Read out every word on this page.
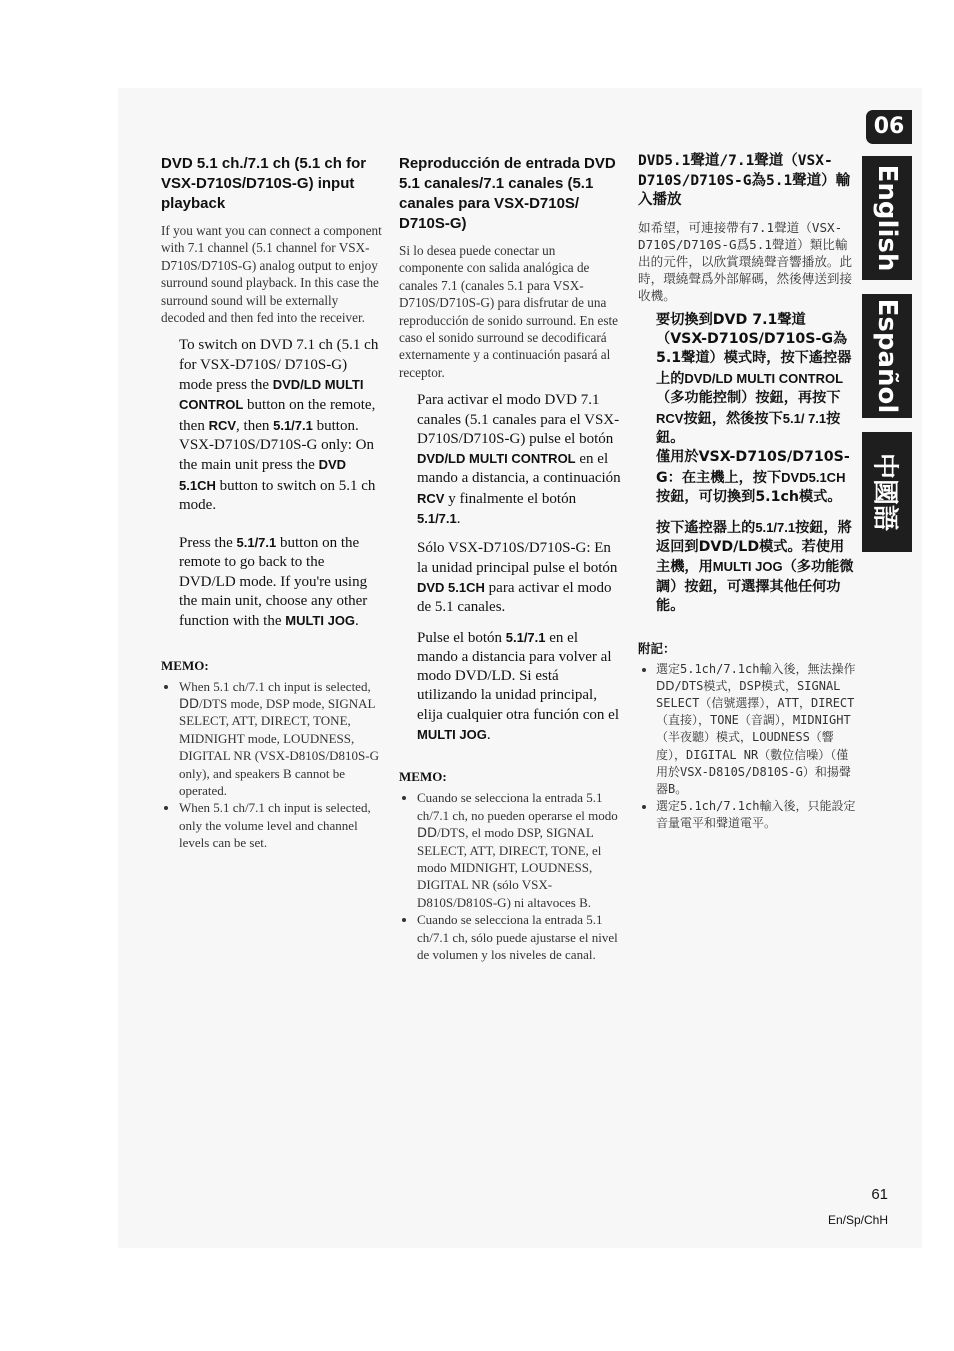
06
English
Español
中國語
DVD 5.1 ch./7.1 ch (5.1 ch for VSX-D710S/D710S-G) input playback

If you want you can connect a component with 7.1 channel (5.1 channel for VSX-D710S/D710S-G) analog output to enjoy surround sound playback. In this case the surround sound will be externally decoded and then fed into the receiver.

To switch on DVD 7.1 ch (5.1 ch for VSX-D710S/ D710S-G) mode press the DVD/LD MULTI CONTROL button on the remote, then RCV, then 5.1/7.1 button. VSX-D710S/D710S-G only: On the main unit press the DVD 5.1CH button to switch on 5.1 ch mode.

Press the 5.1/7.1 button on the remote to go back to the DVD/LD mode. If you're using the main unit, choose any other function with the MULTI JOG.

MEMO:
• When 5.1 ch/7.1 ch input is selected, ⅮⅮ/DTS mode, DSP mode, SIGNAL SELECT, ATT, DIRECT, TONE, MIDNIGHT mode, LOUDNESS, DIGITAL NR (VSX-D810S/D810S-G only), and speakers B cannot be operated.
• When 5.1 ch/7.1 ch input is selected, only the volume level and channel levels can be set.
Reproducción de entrada DVD 5.1 canales/7.1 canales (5.1 canales para VSX-D710S/ D710S-G)

Si lo desea puede conectar un componente con salida analógica de canales 7.1 (canales 5.1 para VSX-D710S/D710S-G) para disfrutar de una reproducción de sonido surround. En este caso el sonido surround se decodificará externamente y a continuación pasará al receptor.

Para activar el modo DVD 7.1 canales (5.1 canales para el VSX-D710S/D710S-G) pulse el botón DVD/LD MULTI CONTROL en el mando a distancia, a continuación RCV y finalmente el botón 5.1/7.1.

Sólo VSX-D710S/D710S-G: En la unidad principal pulse el botón DVD 5.1CH para activar el modo de 5.1 canales.

Pulse el botón 5.1/7.1 en el mando a distancia para volver al modo DVD/LD. Si está utilizando la unidad principal, elija cualquier otra función con el MULTI JOG.

MEMO:
• Cuando se selecciona la entrada 5.1 ch/7.1 ch, no pueden operarse el modo ⅮⅮ/DTS, el modo DSP, SIGNAL SELECT, ATT, DIRECT, TONE, el modo MIDNIGHT, LOUDNESS, DIGITAL NR (sólo VSX-D810S/D810S-G) ni altavoces B.
• Cuando se selecciona la entrada 5.1 ch/7.1 ch, sólo puede ajustarse el nivel de volumen y los niveles de canal.
DVD5.1聲道/7.1聲道（VSX-D710S/D710S-G為5.1聲道）輸入播放

如希望，可連接帶有7.1聲道（VSX-D710S/D710S-G爲5.1聲道）類比輸出的元件，以欣賞環繞聲音響播放。此時，環繞聲爲外部解碼，然後傳送到接收機。

要切換到DVD 7.1聲道（VSX-D710S/D710S-G為5.1聲道）模式時，按下遙控器上的DVD/LD MULTI CONTROL（多功能控制）按鈕，再按下RCV按鈕，然後按下5.1/ 7.1按鈕。
僅用於VSX-D710S/D710S-G：在主機上，按下DVD5.1CH按鈕，可切換到5.1ch模式。

按下遙控器上的5.1/7.1按鈕，將返回到DVD/LD模式。若使用主機，用MULTI JOG（多功能微調）按鈕，可選擇其他任何功能。

附記：
• 選定5.1ch/7.1ch輸入後，無法操作ⅮⅮ/DTS模式，DSP模式，SIGNAL SELECT（信號選擇），ATT，DIRECT（直接），TONE（音調），MIDNIGHT（半夜聽）模式，LOUDNESS（響度），DIGITAL NR（數位信噪）（僅用於VSX-D810S/D810S-G）和揚聲器B。
• 選定5.1ch/7.1ch輸入後，只能設定音量電平和聲道電平。
61
En/Sp/ChH
